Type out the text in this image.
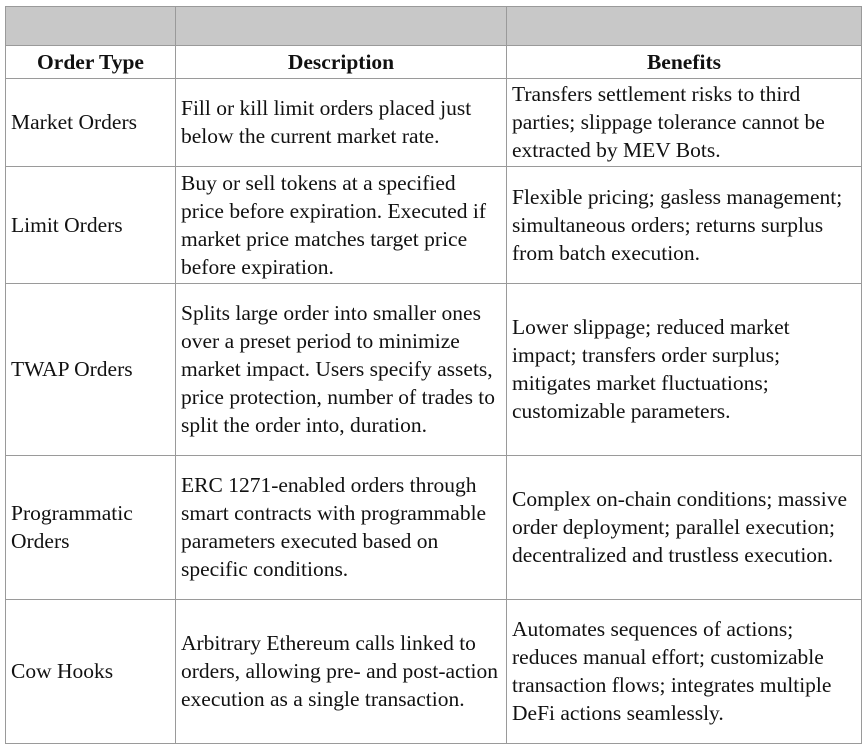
Order Type	Description	Benefits
Market Orders	Fill or kill limit orders placed just below the current market rate.	Transfers settlement risks to third parties; slippage tolerance cannot be extracted by MEV Bots.
Limit Orders	Buy or sell tokens at a specified price before expiration. Executed if market price matches target price before expiration.	Flexible pricing; gasless management; simultaneous orders; returns surplus from batch execution.
TWAP Orders	Splits large order into smaller ones over a preset period to minimize market impact. Users specify assets, price protection, number of trades to split the order into, duration.	Lower slippage; reduced market impact; transfers order surplus; mitigates market fluctuations; customizable parameters.
Programmatic Orders	ERC 1271-enabled orders through smart contracts with programmable parameters executed based on specific conditions.	Complex on-chain conditions; massive order deployment; parallel execution; decentralized and trustless execution.
Cow Hooks	Arbitrary Ethereum calls linked to orders, allowing pre- and post-action execution as a single transaction.	Automates sequences of actions; reduces manual effort; customizable transaction flows; integrates multiple DeFi actions seamlessly.
